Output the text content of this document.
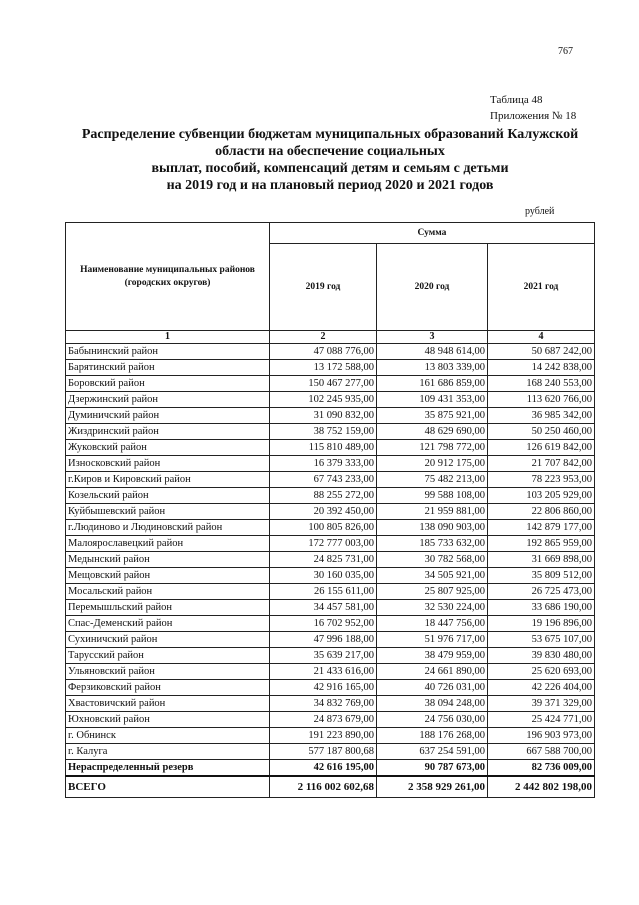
767
Таблица 48
Приложения № 18
Распределение субвенции бюджетам муниципальных образований Калужской
области на обеспечение социальных
выплат, пособий, компенсаций детям и семьям с детьми
на 2019 год и на плановый период 2020 и 2021 годов
рублей
Наименование муниципальных районов (городских округов)	Сумма		
	2019 год	2020 год	2021 год
1	2	3	4
Бабынинский район	47 088 776,00	48 948 614,00	50 687 242,00
Барятинский район	13 172 588,00	13 803 339,00	14 242 838,00
Боровский район	150 467 277,00	161 686 859,00	168 240 553,00
Дзержинский район	102 245 935,00	109 431 353,00	113 620 766,00
Думиничский район	31 090 832,00	35 875 921,00	36 985 342,00
Жиздринский район	38 752 159,00	48 629 690,00	50 250 460,00
Жуковский район	115 810 489,00	121 798 772,00	126 619 842,00
Износковский район	16 379 333,00	20 912 175,00	21 707 842,00
г.Киров и Кировский район	67 743 233,00	75 482 213,00	78 223 953,00
Козельский район	88 255 272,00	99 588 108,00	103 205 929,00
Куйбышевский район	20 392 450,00	21 959 881,00	22 806 860,00
г.Людиново и Людиновский район	100 805 826,00	138 090 903,00	142 879 177,00
Малоярославецкий район	172 777 003,00	185 733 632,00	192 865 959,00
Медынский район	24 825 731,00	30 782 568,00	31 669 898,00
Мещовский район	30 160 035,00	34 505 921,00	35 809 512,00
Мосальский район	26 155 611,00	25 807 925,00	26 725 473,00
Перемышльский район	34 457 581,00	32 530 224,00	33 686 190,00
Спас-Деменский район	16 702 952,00	18 447 756,00	19 196 896,00
Сухиничский район	47 996 188,00	51 976 717,00	53 675 107,00
Тарусский район	35 639 217,00	38 479 959,00	39 830 480,00
Ульяновский район	21 433 616,00	24 661 890,00	25 620 693,00
Ферзиковский район	42 916 165,00	40 726 031,00	42 226 404,00
Хвастовичский район	34 832 769,00	38 094 248,00	39 371 329,00
Юхновский район	24 873 679,00	24 756 030,00	25 424 771,00
г. Обнинск	191 223 890,00	188 176 268,00	196 903 973,00
г. Калуга	577 187 800,68	637 254 591,00	667 588 700,00
Нераспределенный резерв	42 616 195,00	90 787 673,00	82 736 009,00
ВСЕГО	2 116 002 602,68	2 358 929 261,00	2 442 802 198,00
